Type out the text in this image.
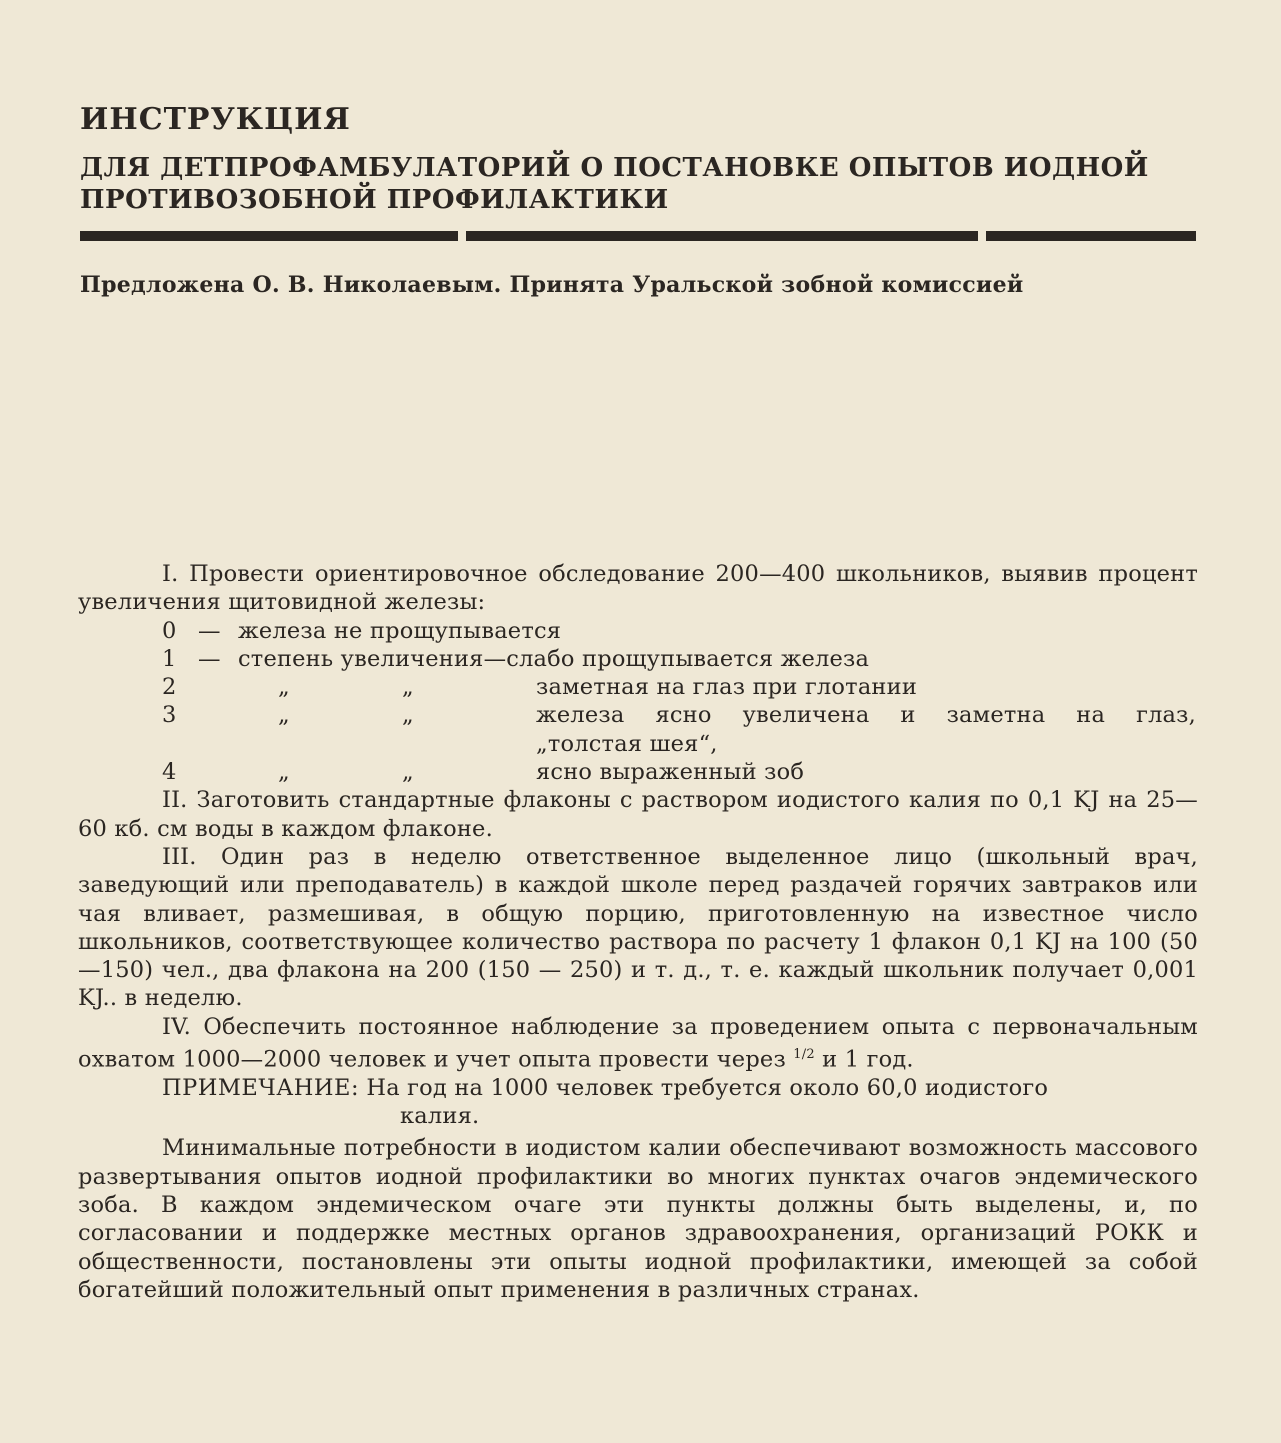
ИНСТРУКЦИЯ
ДЛЯ ДЕТПРОФАМБУЛАТОРИЙ О ПОСТАНОВКЕ ОПЫТОВ ИОДНОЙ ПРОТИВОЗОБНОЙ ПРОФИЛАКТИКИ

Предложена О. В. Николаевым. Принята Уральской зобной комиссией

I. Провести ориентировочное обследование 200—400 школьников, выявив процент увеличения щитовидной железы:

0 — железа не прощупывается
1 — степень увеличения—слабо прощупывается железа
2	„	„	заметная на глаз при глотании
3	„	„	железа ясно увеличена и заметна на глаз,
„толстая шея“,
4	„	„	ясно выраженный зоб

II. Заготовить стандартные флаконы с раствором иодистого калия по 0,1 KJ на 25—60 кб. см воды в каждом флаконе.

III. Один раз в неделю ответственное выделенное лицо (школьный врач, заведующий или преподаватель) в каждой школе перед раздачей горячих завтраков или чая вливает, размешивая, в общую порцию, приготовленную на известное число школьников, соответствующее количество раствора по расчету 1 флакон 0,1 KJ на 100 (50—150) чел., два флакона на 200 (150 — 250) и т. д., т. е. каждый школьник получает 0,001 KJ.. в неделю.

IV. Обеспечить постоянное наблюдение за проведением опыта с первоначальным охватом 1000—2000 человек и учет опыта провести через $^{1/2}$ и 1 год.

ПРИМЕЧАНИЕ: На год на 1000 человек требуется около 60,0 иодистого
калия.

Минимальные потребности в иодистом калии обеспечивают возможность массового развертывания опытов иодной профилактики во многих пунктах очагов эндемического зоба. В каждом эндемическом очаге эти пункты должны быть выделены, и, по согласовании и поддержке местных органов здравоохранения, организаций РОКК и общественности, постановлены эти опыты иодной профилактики, имеющей за собой богатейший положительный опыт применения в различных странах.
